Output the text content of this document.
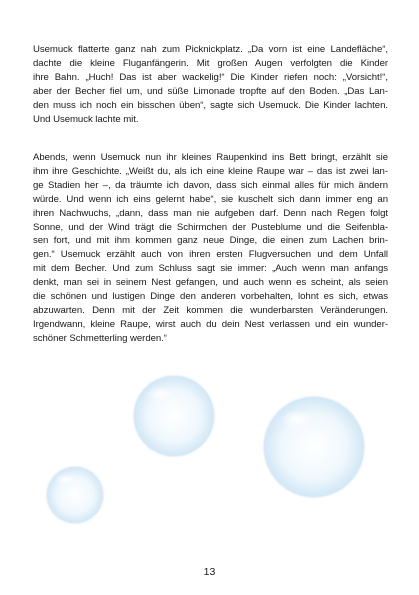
Usemuck flatterte ganz nah zum Picknickplatz. „Da vorn ist eine Landefläche“,
dachte die kleine Fluganfängerin. Mit großen Augen verfolgten die Kinder
ihre Bahn. „Huch! Das ist aber wackelig!“ Die Kinder riefen noch: „Vorsicht!“,
aber der Becher fiel um, und süße Limonade tropfte auf den Boden. „Das Lan-
den muss ich noch ein bisschen üben“, sagte sich Usemuck. Die Kinder lachten.
Und Usemuck lachte mit.

Abends, wenn Usemuck nun ihr kleines Raupenkind ins Bett bringt, erzählt sie
ihm ihre Geschichte. „Weißt du, als ich eine kleine Raupe war – das ist zwei lan-
ge Stadien her –, da träumte ich davon, dass sich einmal alles für mich ändern
würde. Und wenn ich eins gelernt habe“, sie kuschelt sich dann immer eng an
ihren Nachwuchs, „dann, dass man nie aufgeben darf. Denn nach Regen folgt
Sonne, und der Wind trägt die Schirmchen der Pusteblume und die Seifenbla-
sen fort, und mit ihm kommen ganz neue Dinge, die einen zum Lachen brin-
gen.“ Usemuck erzählt auch von ihren ersten Flugversuchen und dem Unfall
mit dem Becher. Und zum Schluss sagt sie immer: „Auch wenn man anfangs
denkt, man sei in seinem Nest gefangen, und auch wenn es scheint, als seien
die schönen und lustigen Dinge den anderen vorbehalten, lohnt es sich, etwas
abzuwarten. Denn mit der Zeit kommen die wunderbarsten Veränderungen.
Irgendwann, kleine Raupe, wirst auch du dein Nest verlassen und ein wunder-
schöner Schmetterling werden.“

13
